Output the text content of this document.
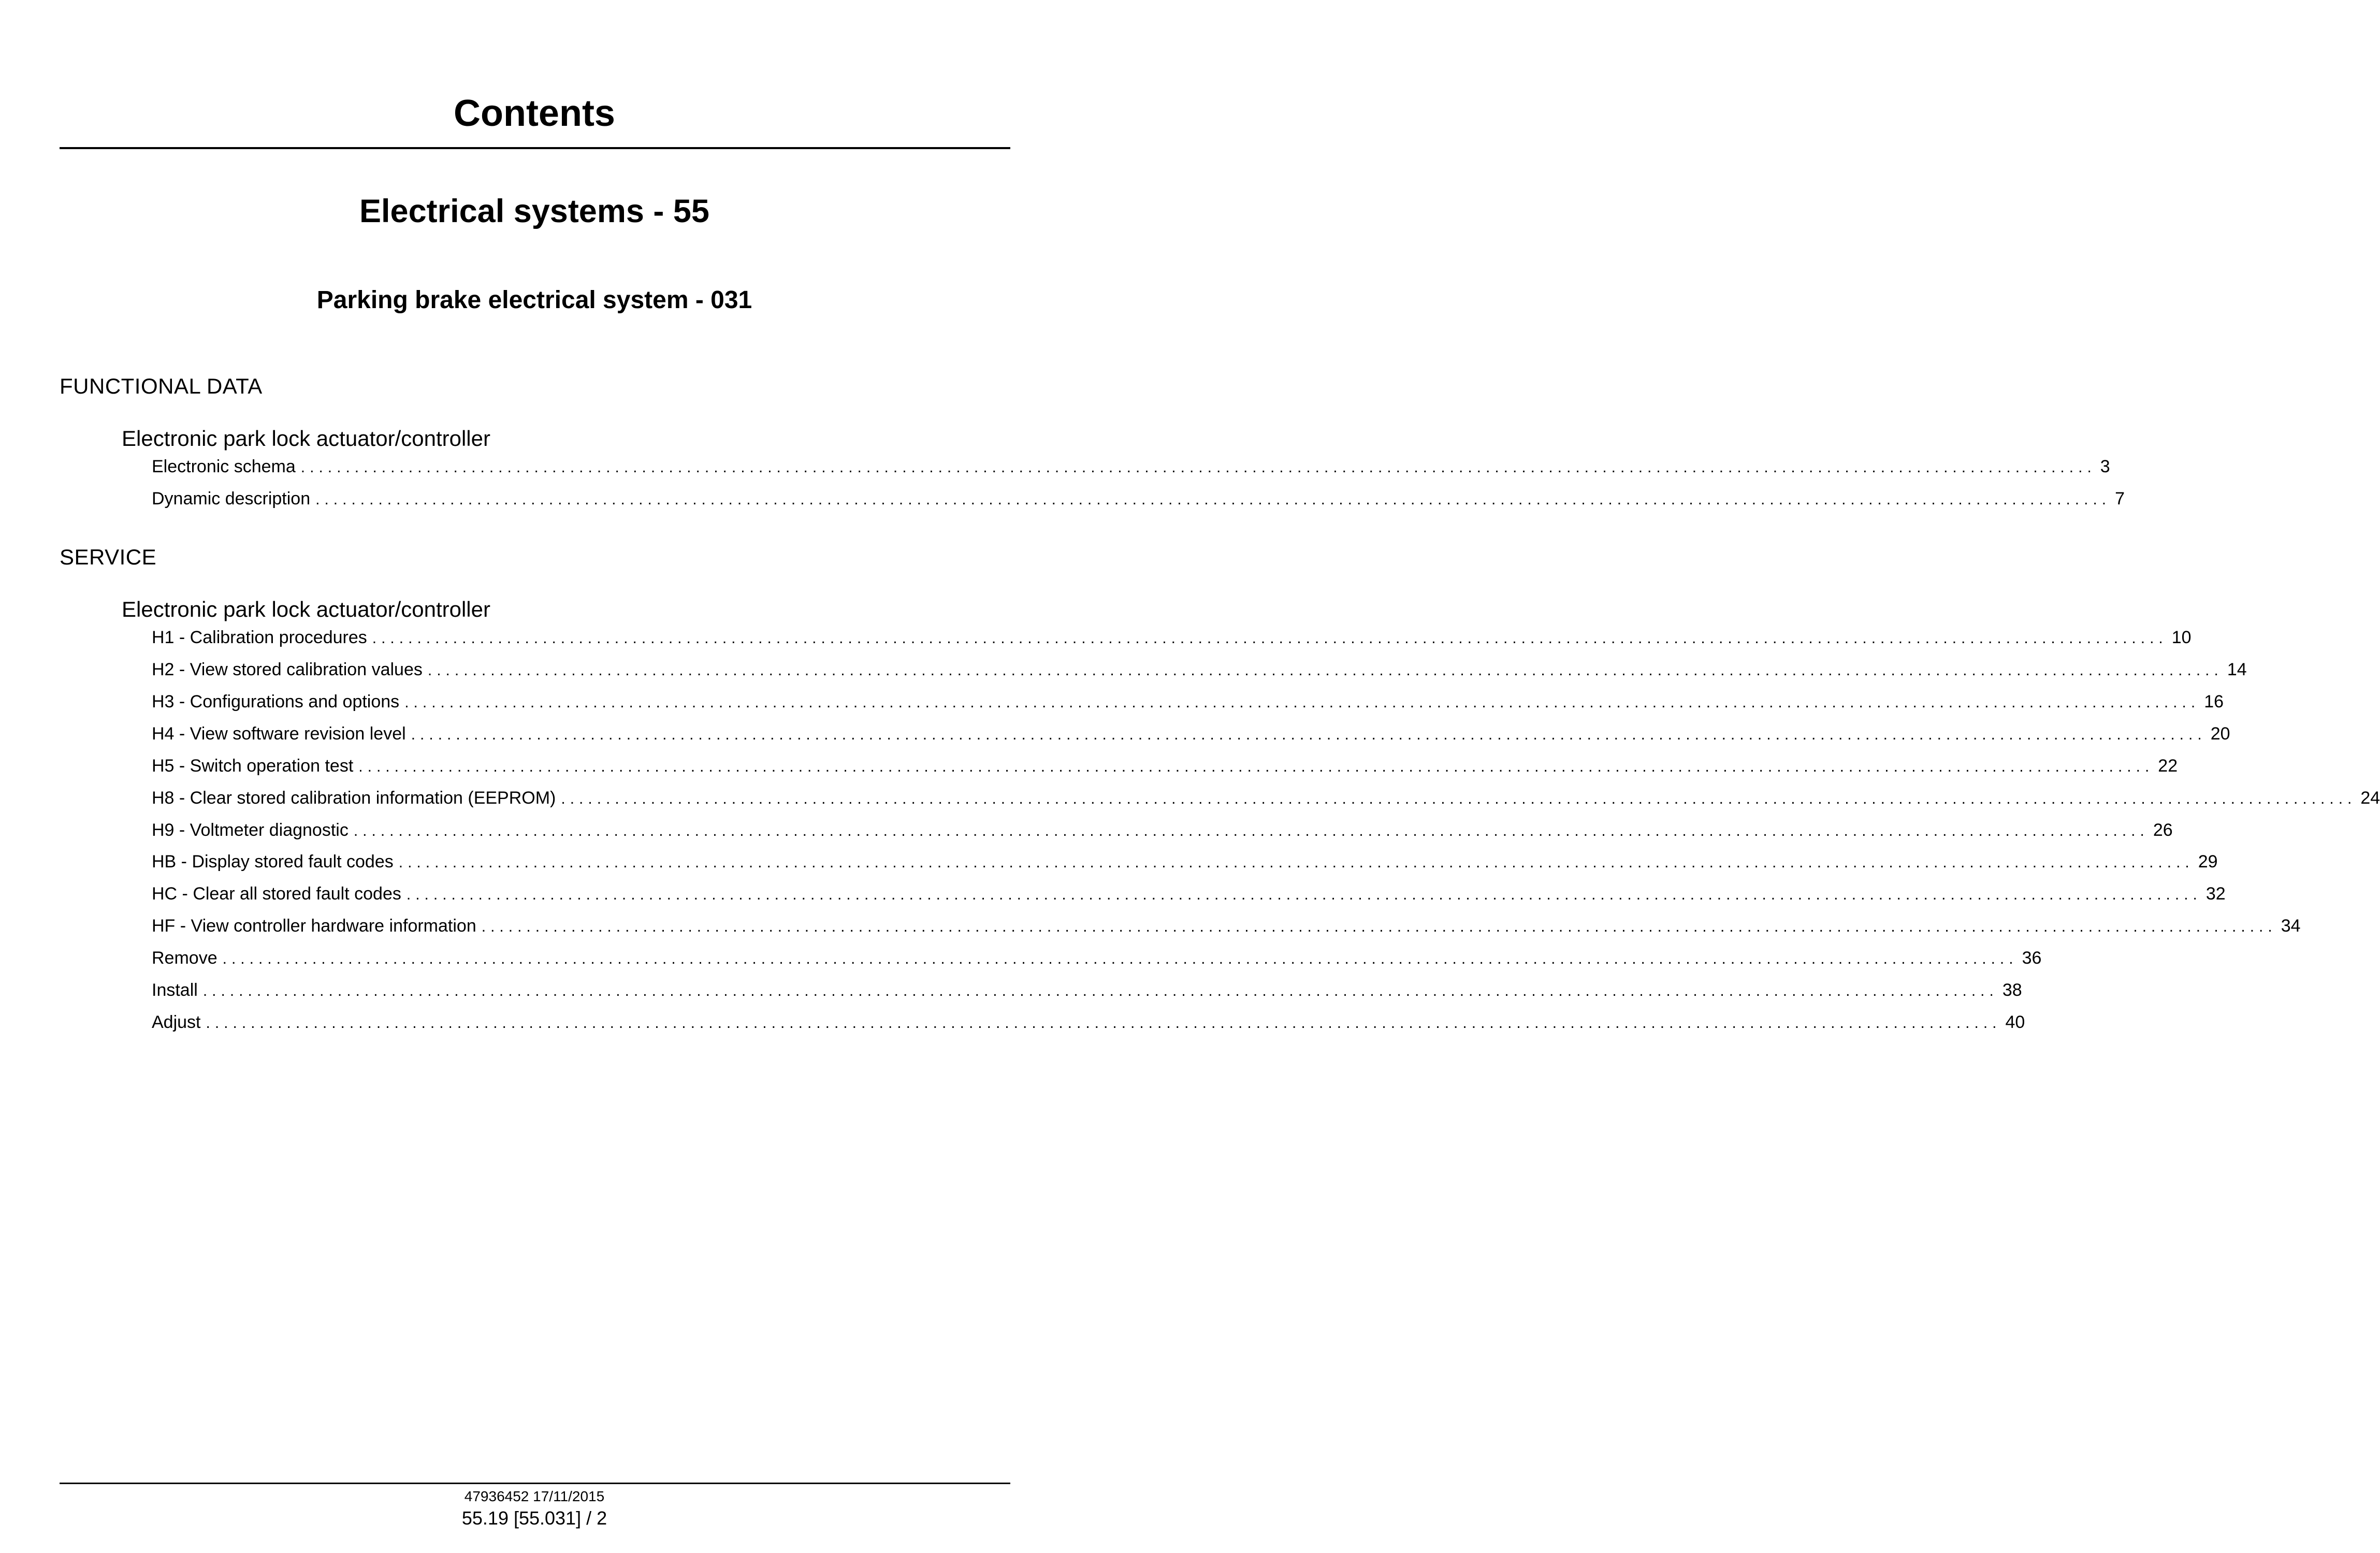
Contents
Electrical systems - 55
Parking brake electrical system - 031
FUNCTIONAL DATA
Electronic park lock actuator/controller
Electronic schema ........................................................................................................................................................................................................ 3
Dynamic description ........................................................................................................................................................................................................ 7
SERVICE
Electronic park lock actuator/controller
H1 - Calibration procedures ........................................................................................................................................................................................................ 10
H2 - View stored calibration values ........................................................................................................................................................................................................ 14
H3 - Configurations and options ........................................................................................................................................................................................................ 16
H4 - View software revision level ........................................................................................................................................................................................................ 20
H5 - Switch operation test ........................................................................................................................................................................................................ 22
H8 - Clear stored calibration information (EEPROM) ........................................................................................................................................................................................................ 24
H9 - Voltmeter diagnostic ........................................................................................................................................................................................................ 26
HB - Display stored fault codes ........................................................................................................................................................................................................ 29
HC - Clear all stored fault codes ........................................................................................................................................................................................................ 32
HF - View controller hardware information ........................................................................................................................................................................................................ 34
Remove ........................................................................................................................................................................................................ 36
Install ........................................................................................................................................................................................................ 38
Adjust ........................................................................................................................................................................................................ 40
47936452 17/11/2015
55.19 [55.031] / 2
